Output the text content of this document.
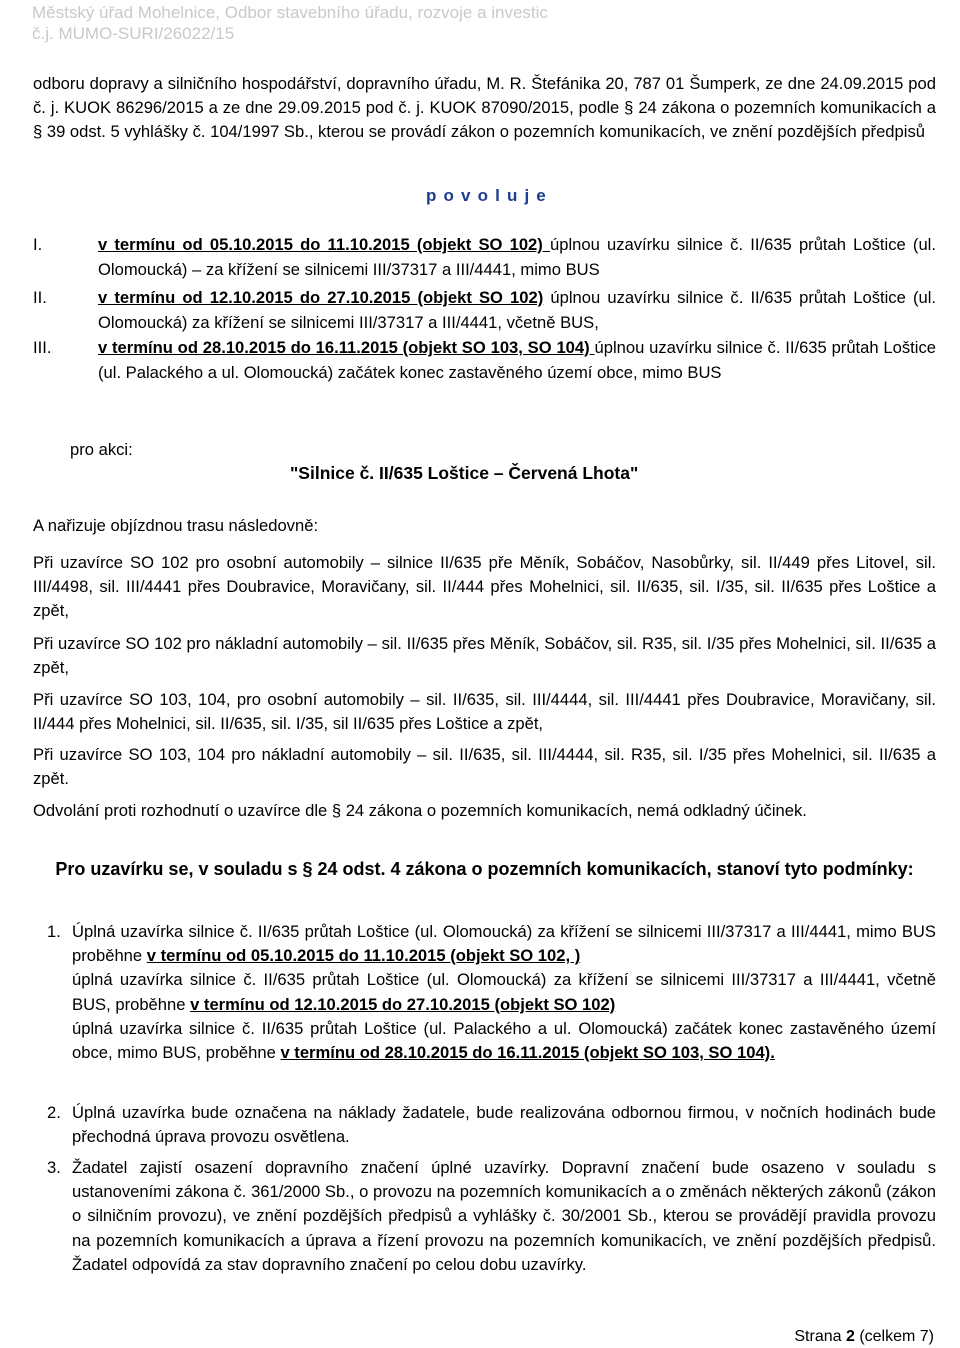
Městský úřad Mohelnice, Odbor stavebního úřadu, rozvoje a investic
č.j. MUMO-SURI/26022/15

odboru dopravy a silničního hospodářství, dopravního úřadu, M. R. Štefánika 20, 787 01 Šumperk, ze dne 24.09.2015 pod č. j. KUOK 86296/2015 a ze dne 29.09.2015 pod č. j. KUOK 87090/2015, podle § 24 zákona o pozemních komunikacích a § 39 odst. 5 vyhlášky č. 104/1997 Sb., kterou se provádí zákon o pozemních komunikacích, ve znění pozdějších předpisů

p o v o l u j e
I.	v termínu od 05.10.2015 do 11.10.2015 (objekt SO 102) úplnou uzavírku silnice č. II/635 průtah Loštice (ul. Olomoucká) – za křížení se silnicemi III/37317 a III/4441, mimo BUS
II.	v termínu od 12.10.2015 do 27.10.2015 (objekt SO 102) úplnou uzavírku silnice č. II/635 průtah Loštice (ul. Olomoucká) za křížení se silnicemi III/37317 a III/4441, včetně BUS,
III.	v termínu od 28.10.2015 do 16.11.2015 (objekt SO 103, SO 104) úplnou uzavírku silnice č. II/635 průtah Loštice (ul. Palackého a ul. Olomoucká) začátek konec zastavěného území obce, mimo BUS
pro akci:
"Silnice č. II/635 Loštice – Červená Lhota"

A nařizuje objízdnou trasu následovně:

Při uzavírce SO 102 pro osobní automobily – silnice II/635 pře Měník, Sobáčov, Nasobůrky, sil. II/449 přes Litovel, sil. III/4498, sil. III/4441 přes Doubravice, Moravičany, sil. II/444 přes Mohelnici, sil. II/635, sil. I/35, sil. II/635 přes Loštice a zpět,

Při uzavírce SO 102 pro nákladní automobily – sil. II/635 přes Měník, Sobáčov, sil. R35, sil. I/35 přes Mohelnici, sil. II/635 a zpět,

Při uzavírce SO 103, 104, pro osobní automobily – sil. II/635, sil. III/4444, sil. III/4441 přes Doubravice, Moravičany, sil. II/444 přes Mohelnici, sil. II/635, sil. I/35, sil II/635 přes Loštice a zpět,

Při uzavírce SO 103, 104 pro nákladní automobily – sil. II/635, sil. III/4444, sil. R35, sil. I/35 přes Mohelnici, sil. II/635 a zpět.

Odvolání proti rozhodnutí o uzavírce dle § 24 zákona o pozemních komunikacích, nemá odkladný účinek.

Pro uzavírku se, v souladu s § 24 odst. 4 zákona o pozemních komunikacích, stanoví tyto podmínky:
1. Úplná uzavírka silnice č. II/635 průtah Loštice (ul. Olomoucká) za křížení se silnicemi III/37317 a III/4441, mimo BUS proběhne v termínu od 05.10.2015 do 11.10.2015 (objekt SO 102, )
úplná uzavírka silnice č. II/635 průtah Loštice (ul. Olomoucká) za křížení se silnicemi III/37317 a III/4441, včetně BUS, proběhne v termínu od 12.10.2015 do 27.10.2015 (objekt SO 102)
úplná uzavírka silnice č. II/635 průtah Loštice (ul. Palackého a ul. Olomoucká) začátek konec zastavěného území obce, mimo BUS, proběhne v termínu od 28.10.2015 do 16.11.2015 (objekt SO 103, SO 104).
2. Úplná uzavírka bude označena na náklady žadatele, bude realizována odbornou firmou, v nočních hodinách bude přechodná úprava provozu osvětlena.
3. Žadatel zajistí osazení dopravního značení úplné uzavírky. Dopravní značení bude osazeno v souladu s ustanoveními zákona č. 361/2000 Sb., o provozu na pozemních komunikacích a o změnách některých zákonů (zákon o silničním provozu), ve znění pozdějších předpisů a vyhlášky č. 30/2001 Sb., kterou se provádějí pravidla provozu na pozemních komunikacích a úprava a řízení provozu na pozemních komunikacích, ve znění pozdějších předpisů. Žadatel odpovídá za stav dopravního značení po celou dobu uzavírky.
Strana 2 (celkem 7)
